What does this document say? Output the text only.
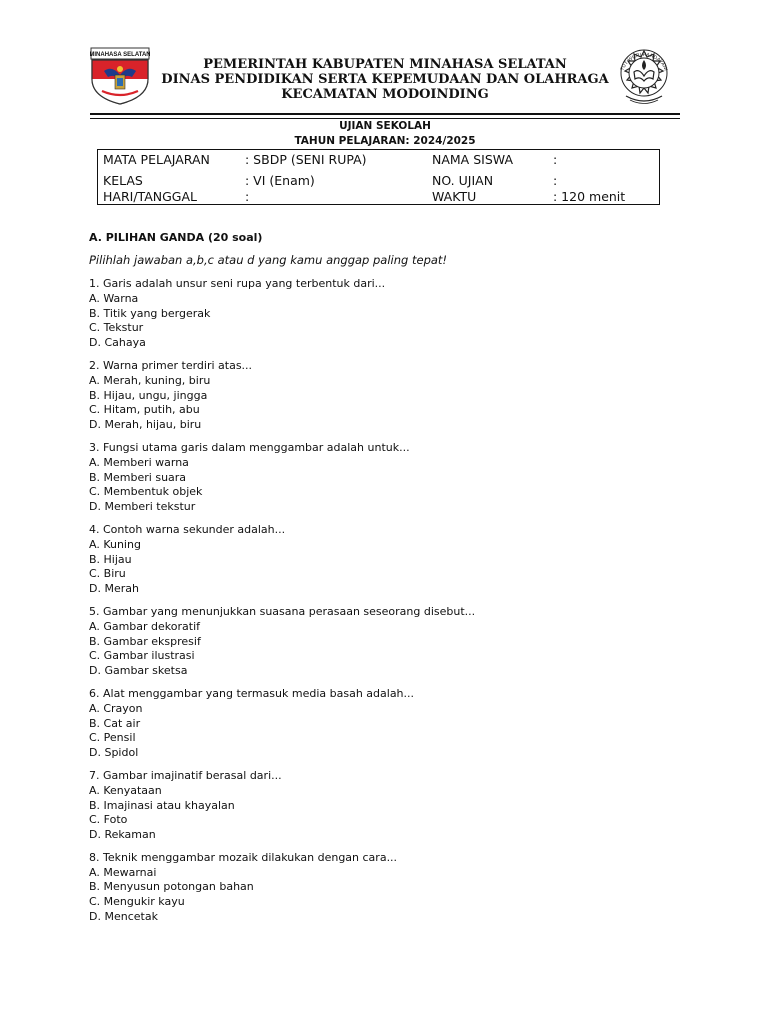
MINAHASA SELATAN
TUT WURI HANDAYANI
PEMERINTAH KABUPATEN MINAHASA SELATAN
DINAS PENDIDIKAN SERTA KEPEMUDAAN DAN OLAHRAGA
KECAMATAN MODOINDING
UJIAN SEKOLAH
TAHUN PELAJARAN: 2024/2025
MATA PELAJARAN	: SBDP (SENI RUPA)	NAMA SISWA	:
KELAS	: VI (Enam)	NO. UJIAN	:
HARI/TANGGAL	:	WAKTU	: 120 menit
A. PILIHAN GANDA (20 soal)
Pilihlah jawaban a,b,c atau d yang kamu anggap paling tepat!
1. Garis adalah unsur seni rupa yang terbentuk dari...
A. Warna
B. Titik yang bergerak
C. Tekstur
D. Cahaya
2. Warna primer terdiri atas...
A. Merah, kuning, biru
B. Hijau, ungu, jingga
C. Hitam, putih, abu
D. Merah, hijau, biru
3. Fungsi utama garis dalam menggambar adalah untuk...
A. Memberi warna
B. Memberi suara
C. Membentuk objek
D. Memberi tekstur
4. Contoh warna sekunder adalah...
A. Kuning
B. Hijau
C. Biru
D. Merah
5. Gambar yang menunjukkan suasana perasaan seseorang disebut...
A. Gambar dekoratif
B. Gambar ekspresif
C. Gambar ilustrasi
D. Gambar sketsa
6. Alat menggambar yang termasuk media basah adalah...
A. Crayon
B. Cat air
C. Pensil
D. Spidol
7. Gambar imajinatif berasal dari...
A. Kenyataan
B. Imajinasi atau khayalan
C. Foto
D. Rekaman
8. Teknik menggambar mozaik dilakukan dengan cara...
A. Mewarnai
B. Menyusun potongan bahan
C. Mengukir kayu
D. Mencetak
